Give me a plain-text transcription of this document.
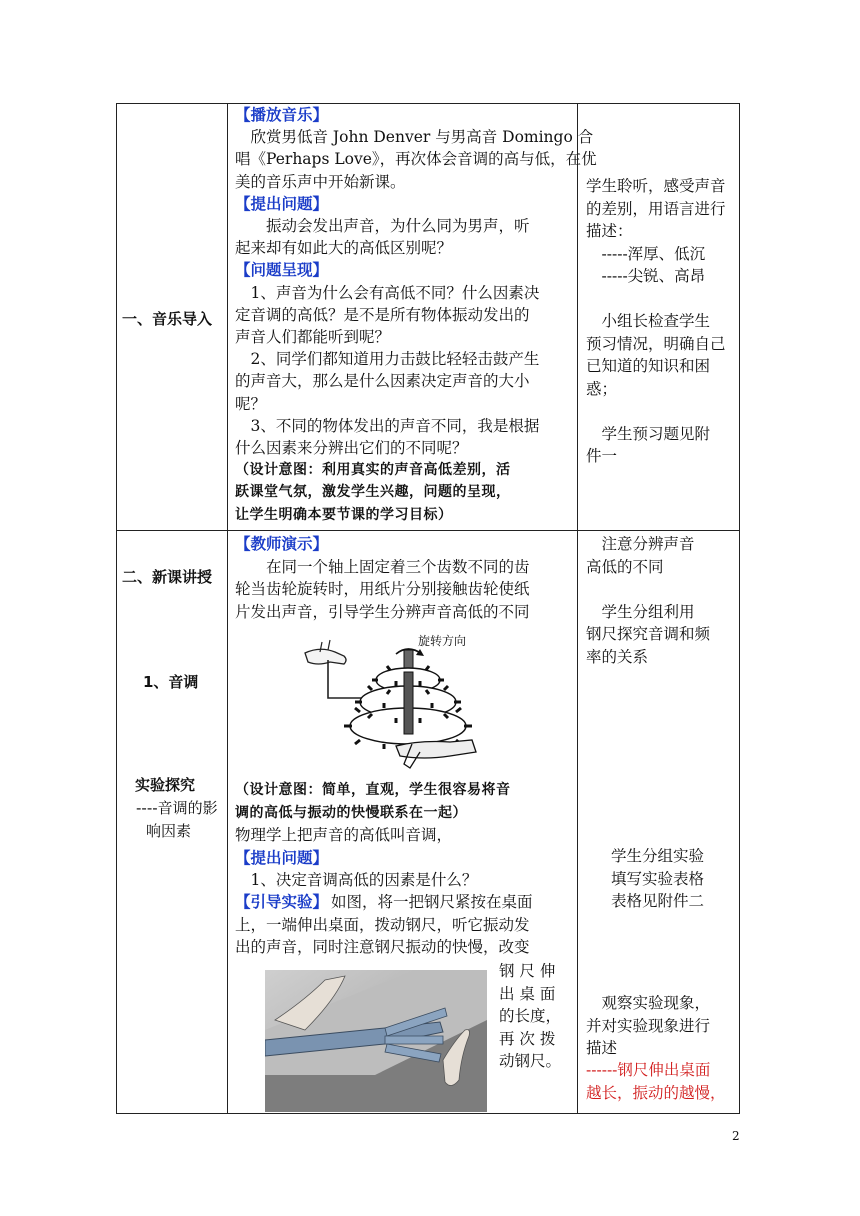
一、音乐导入
【播放音乐】
　欣赏男低音 John Denver 与男高音 Domingo 合
唱《Perhaps Love》，再次体会音调的高与低，在优
美的音乐声中开始新课。
【提出问题】
　　振动会发出声音，为什么同为男声，听
起来却有如此大的高低区别呢？
【问题呈现】
　1、声音为什么会有高低不同？什么因素决
定音调的高低？是不是所有物体振动发出的
声音人们都能听到呢？
　2、同学们都知道用力击鼓比轻轻击鼓产生
的声音大，那么是什么因素决定声音的大小
呢？
　3、不同的物体发出的声音不同，我是根据
什么因素来分辨出它们的不同呢？
（设计意图：利用真实的声音高低差别，活
跃课堂气氛，激发学生兴趣，问题的呈现，
让学生明确本要节课的学习目标）
学生聆听，感受声音
的差别，用语言进行
描述：
　-----浑厚、低沉
　-----尖锐、高昂
　小组长检查学生
预习情况，明确自己
已知道的知识和困
惑；
　学生预习题见附
件一
二、新课讲授
1、音调
实验探究
----音调的影
响因素
【教师演示】
　　在同一个轴上固定着三个齿数不同的齿
轮当齿轮旋转时，用纸片分别接触齿轮使纸
片发出声音，引导学生分辨声音高低的不同
旋转方向
（设计意图：简单，直观，学生很容易将音
调的高低与振动的快慢联系在一起）
物理学上把声音的高低叫音调，
【提出问题】
　1、决定音调高低的因素是什么？
【引导实验】 如图，将一把钢尺紧按在桌面
上，一端伸出桌面，拨动钢尺，听它振动发
出的声音，同时注意钢尺振动的快慢，改变
钢 尺 伸
出 桌 面
的长度，
再 次 拨
动钢尺。
　注意分辨声音
高低的不同
　学生分组利用
钢尺探究音调和频
率的关系
学生分组实验
填写实验表格
表格见附件二
　观察实验现象，
并对实验现象进行
描述
------钢尺伸出桌面
越长，振动的越慢，
2
